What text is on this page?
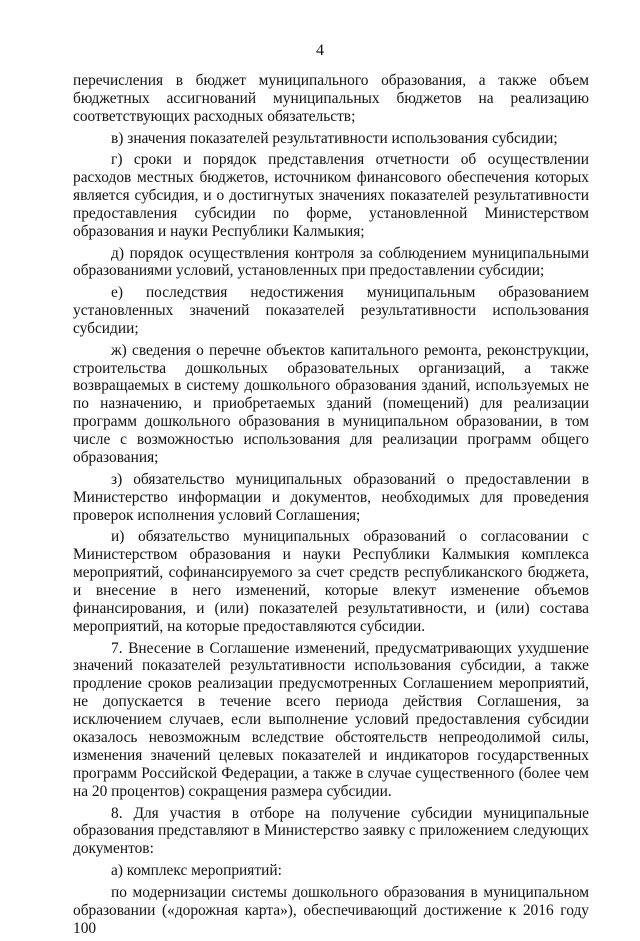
4

перечисления в бюджет муниципального образования, а также объем бюджетных ассигнований муниципальных бюджетов на реализацию соответствующих расходных обязательств;

в) значения показателей результативности использования субсидии;

г) сроки и порядок представления отчетности об осуществлении расходов местных бюджетов, источником финансового обеспечения которых является субсидия, и о достигнутых значениях показателей результативности предоставления субсидии по форме, установленной Министерством образования и науки Республики Калмыкия;

д) порядок осуществления контроля за соблюдением муниципальными образованиями условий, установленных при предоставлении субсидии;

е) последствия недостижения муниципальным образованием установленных значений показателей результативности использования субсидии;

ж) сведения о перечне объектов капитального ремонта, реконструкции, строительства дошкольных образовательных организаций, а также возвращаемых в систему дошкольного образования зданий, используемых не по назначению, и приобретаемых зданий (помещений) для реализации программ дошкольного образования в муниципальном образовании, в том числе с возможностью использования для реализации программ общего образования;

з) обязательство муниципальных образований о предоставлении в Министерство информации и документов, необходимых для проведения проверок исполнения условий Соглашения;

и) обязательство муниципальных образований о согласовании с Министерством образования и науки Республики Калмыкия комплекса мероприятий, софинансируемого за счет средств республиканского бюджета, и внесение в него изменений, которые влекут изменение объемов финансирования, и (или) показателей результативности, и (или) состава мероприятий, на которые предоставляются субсидии.

7. Внесение в Соглашение изменений, предусматривающих ухудшение значений показателей результативности использования субсидии, а также продление сроков реализации предусмотренных Соглашением мероприятий, не допускается в течение всего периода действия Соглашения, за исключением случаев, если выполнение условий предоставления субсидии оказалось невозможным вследствие обстоятельств непреодолимой силы, изменения значений целевых показателей и индикаторов государственных программ Российской Федерации, а также в случае существенного (более чем на 20 процентов) сокращения размера субсидии.

8. Для участия в отборе на получение субсидии муниципальные образования представляют в Министерство заявку с приложением следующих документов:

а) комплекс мероприятий:

по модернизации системы дошкольного образования в муниципальном образовании («дорожная карта»), обеспечивающий достижение к 2016 году 100
